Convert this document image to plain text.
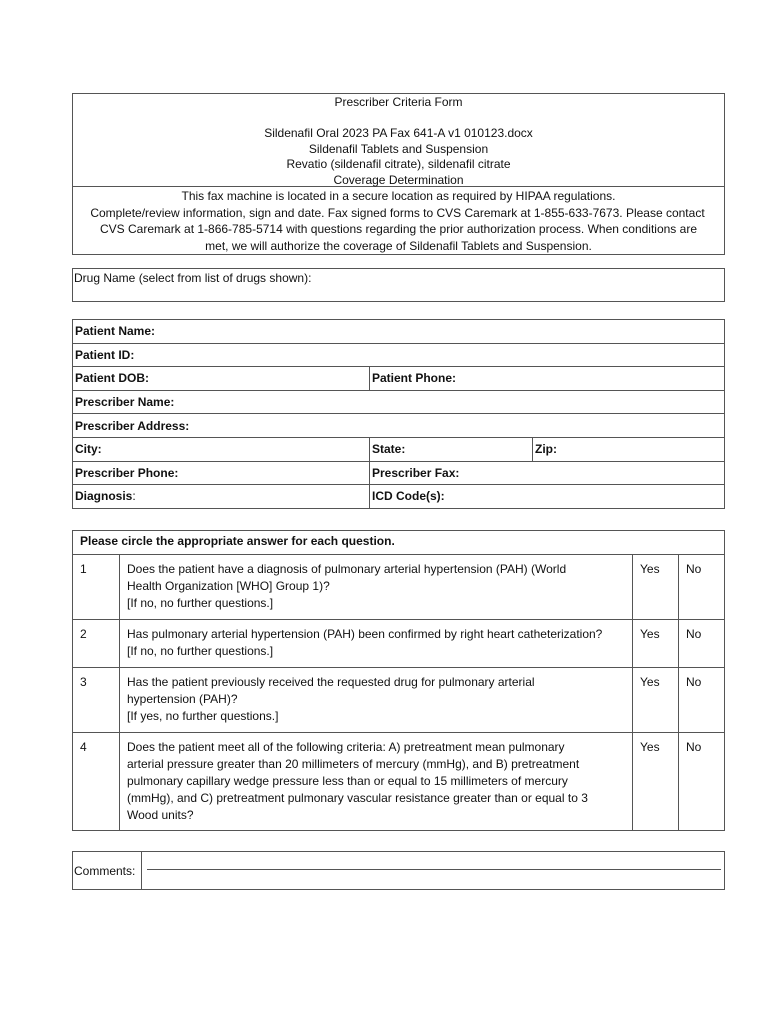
Prescriber Criteria Form

Sildenafil Oral 2023 PA Fax 641-A v1 010123.docx
Sildenafil Tablets and Suspension
Revatio (sildenafil citrate), sildenafil citrate
Coverage Determination
This fax machine is located in a secure location as required by HIPAA regulations.
Complete/review information, sign and date. Fax signed forms to CVS Caremark at 1-855-633-7673. Please contact
CVS Caremark at 1-866-785-5714 with questions regarding the prior authorization process. When conditions are
met, we will authorize the coverage of Sildenafil Tablets and Suspension.
Drug Name (select from list of drugs shown):
Patient Name:		
Patient ID:		
Patient DOB:	Patient Phone:	
Prescriber Name:		
Prescriber Address:		
City:	State:	Zip:
Prescriber Phone:	Prescriber Fax:	
Diagnosis:	ICD Code(s):	
Please circle the appropriate answer for each question.			
1	Does the patient have a diagnosis of pulmonary arterial hypertension (PAH) (World
Health Organization [WHO] Group 1)?
[If no, no further questions.]	Yes	No
2	Has pulmonary arterial hypertension (PAH) been confirmed by right heart catheterization?
[If no, no further questions.]	Yes	No
3	Has the patient previously received the requested drug for pulmonary arterial
hypertension (PAH)?
[If yes, no further questions.]	Yes	No
4	Does the patient meet all of the following criteria: A) pretreatment mean pulmonary
arterial pressure greater than 20 millimeters of mercury (mmHg), and B) pretreatment
pulmonary capillary wedge pressure less than or equal to 15 millimeters of mercury
(mmHg), and C) pretreatment pulmonary vascular resistance greater than or equal to 3
Wood units?	Yes	No
Comments:	
